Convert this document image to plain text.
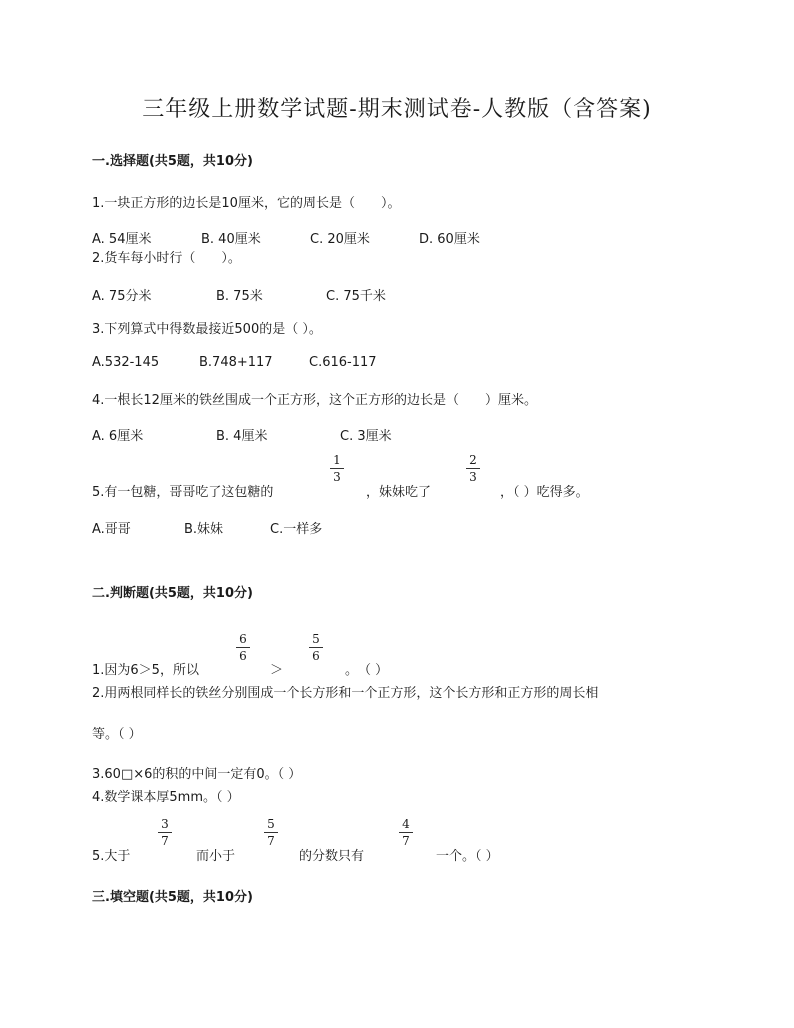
三年级上册数学试题-期末测试卷-人教版（含答案)
一.选择题(共5题，共10分)
1.一块正方形的边长是10厘米，它的周长是（　　）。
A. 54厘米	B. 40厘米	C. 20厘米	D. 60厘米
2.货车每小时行（　　）。
A. 75分米	B. 75米	C. 75千米
3.下列算式中得数最接近500的是（ ）。
A.532-145	B.748+117	C.616-117
4.一根长12厘米的铁丝围成一个正方形，这个正方形的边长是（　　）厘米。
A. 6厘米	B. 4厘米	C. 3厘米
5.有一包糖，哥哥吃了这包糖的
1
3
，妹妹吃了
2
3
，（ ）吃得多。
A.哥哥	B.妹妹	C.一样多
二.判断题(共5题，共10分)
1.因为6＞5，所以
6
6
＞
5
6
。　（ ）
2.用两根同样长的铁丝分别围成一个长方形和一个正方形，这个长方形和正方形的周长相
等。（ ）
3.60□×6的积的中间一定有0。（ ）
4.数学课本厚5mm。（ ）
5.大于
3
7
而小于
5
7
的分数只有
4
7
一个。（ ）
三.填空题(共5题，共10分)
